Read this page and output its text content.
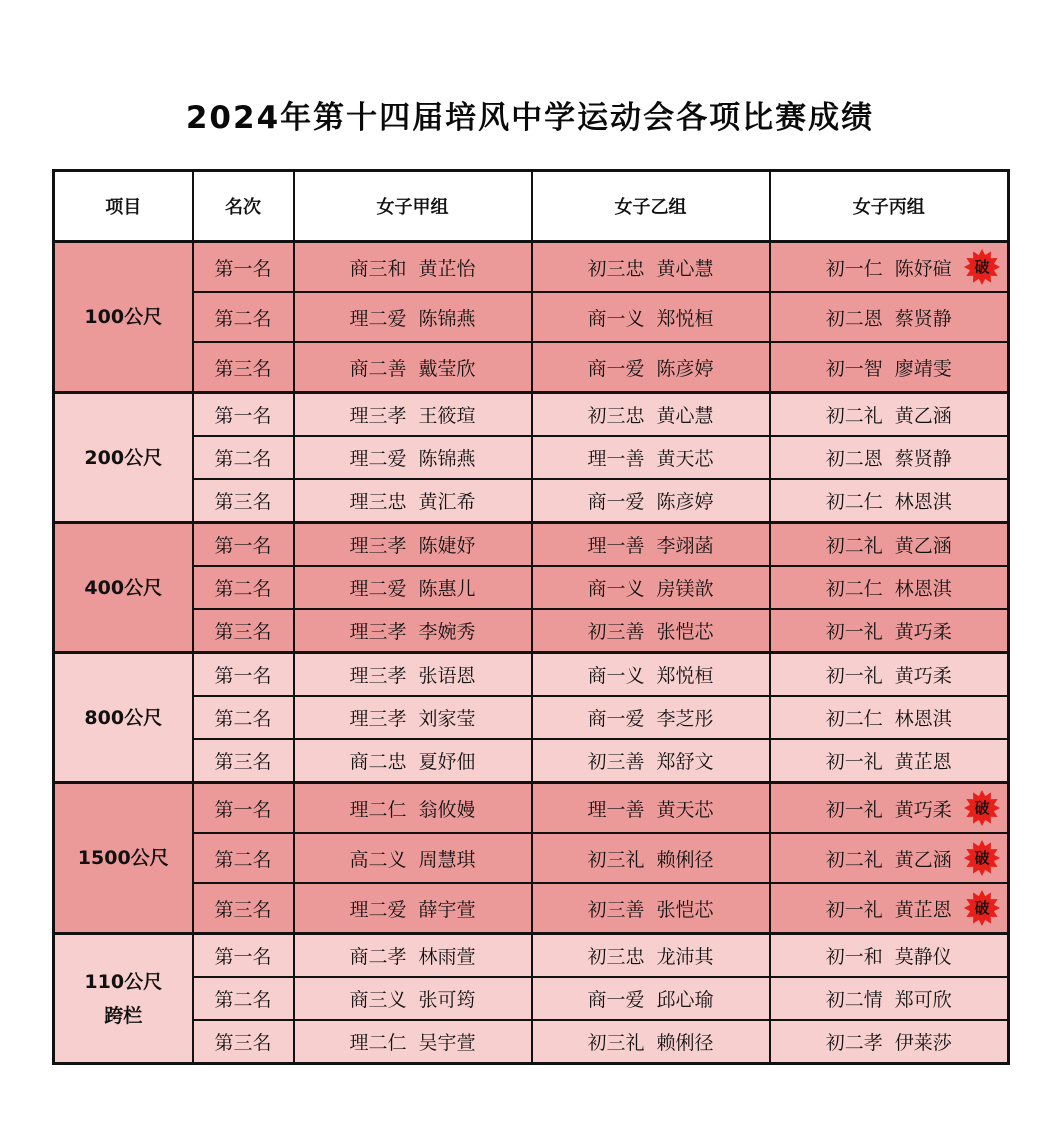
2024年第十四届培风中学运动会各项比赛成绩
项目	名次	女子甲组	女子乙组	女子丙组
100公尺	第一名	商三和 黄芷怡	初三忠 黄心慧	初一仁 陈妤碹 破

	第二名	理二爱 陈锦燕	商一义 郑悦桓	初二恩 蔡贤静
	第三名	商二善 戴莹欣	商一爱 陈彦婷	初一智 廖靖雯
200公尺	第一名	理三孝 王筱瑄	初三忠 黄心慧	初二礼 黄乙涵
	第二名	理二爱 陈锦燕	理一善 黄天芯	初二恩 蔡贤静
	第三名	理三忠 黄汇希	商一爱 陈彦婷	初二仁 林恩淇
400公尺	第一名	理三孝 陈婕妤	理一善 李翊菡	初二礼 黄乙涵
	第二名	理二爱 陈惠儿	商一义 房镁歆	初二仁 林恩淇
	第三名	理三孝 李婉秀	初三善 张恺芯	初一礼 黄巧柔
800公尺	第一名	理三孝 张语恩	商一义 郑悦桓	初一礼 黄巧柔
	第二名	理三孝 刘家莹	商一爱 李芝彤	初二仁 林恩淇
	第三名	商二忠 夏妤佃	初三善 郑舒文	初一礼 黄芷恩
1500公尺	第一名	理二仁 翁攸嫚	理一善 黄天芯	初一礼 黄巧柔 破

	第二名	高二义 周慧琪	初三礼 赖俐径	初二礼 黄乙涵 破

	第三名	理二爱 薛宇萱	初三善 张恺芯	初一礼 黄芷恩 破

110公尺
跨栏	第一名	商二孝 林雨萱	初三忠 龙沛其	初一和 莫静仪
	第二名	商三义 张可筠	商一爱 邱心瑜	初二情 郑可欣
	第三名	理二仁 吴宇萱	初三礼 赖俐径	初二孝 伊莱莎
